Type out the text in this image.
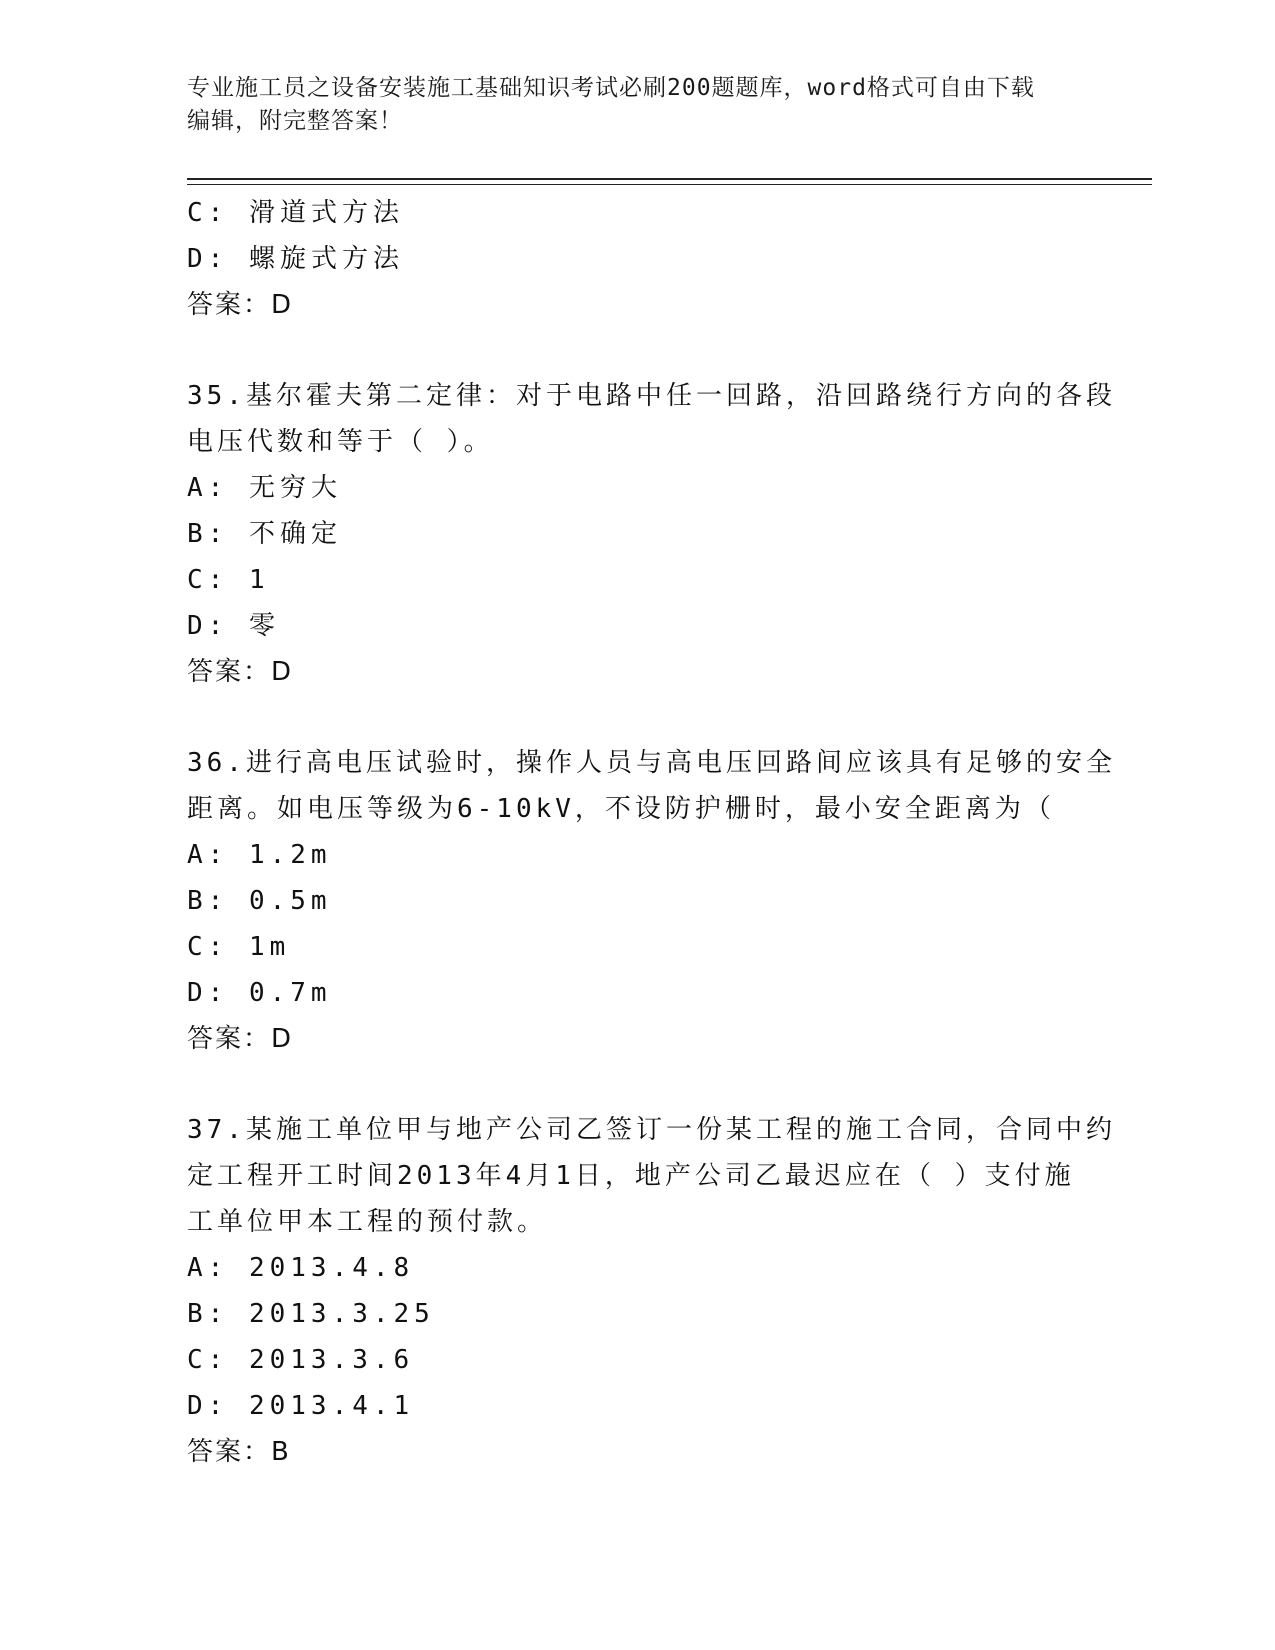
专业施工员之设备安装施工基础知识考试必刷200题题库，word格式可自由下载
编辑，附完整答案！
C: 滑道式方法
D: 螺旋式方法
答案：D
35.基尔霍夫第二定律：对于电路中任一回路，沿回路绕行方向的各段
电压代数和等于（ ）。
A: 无穷大
B: 不确定
C: 1
D: 零
答案：D
36.进行高电压试验时，操作人员与高电压回路间应该具有足够的安全
距离。如电压等级为6-10kV，不设防护栅时，最小安全距离为（
A: 1.2m
B: 0.5m
C: 1m
D: 0.7m
答案：D
37.某施工单位甲与地产公司乙签订一份某工程的施工合同，合同中约
定工程开工时间2013年4月1日，地产公司乙最迟应在（ ）支付施
工单位甲本工程的预付款。
A: 2013.4.8
B: 2013.3.25
C: 2013.3.6
D: 2013.4.1
答案：B
